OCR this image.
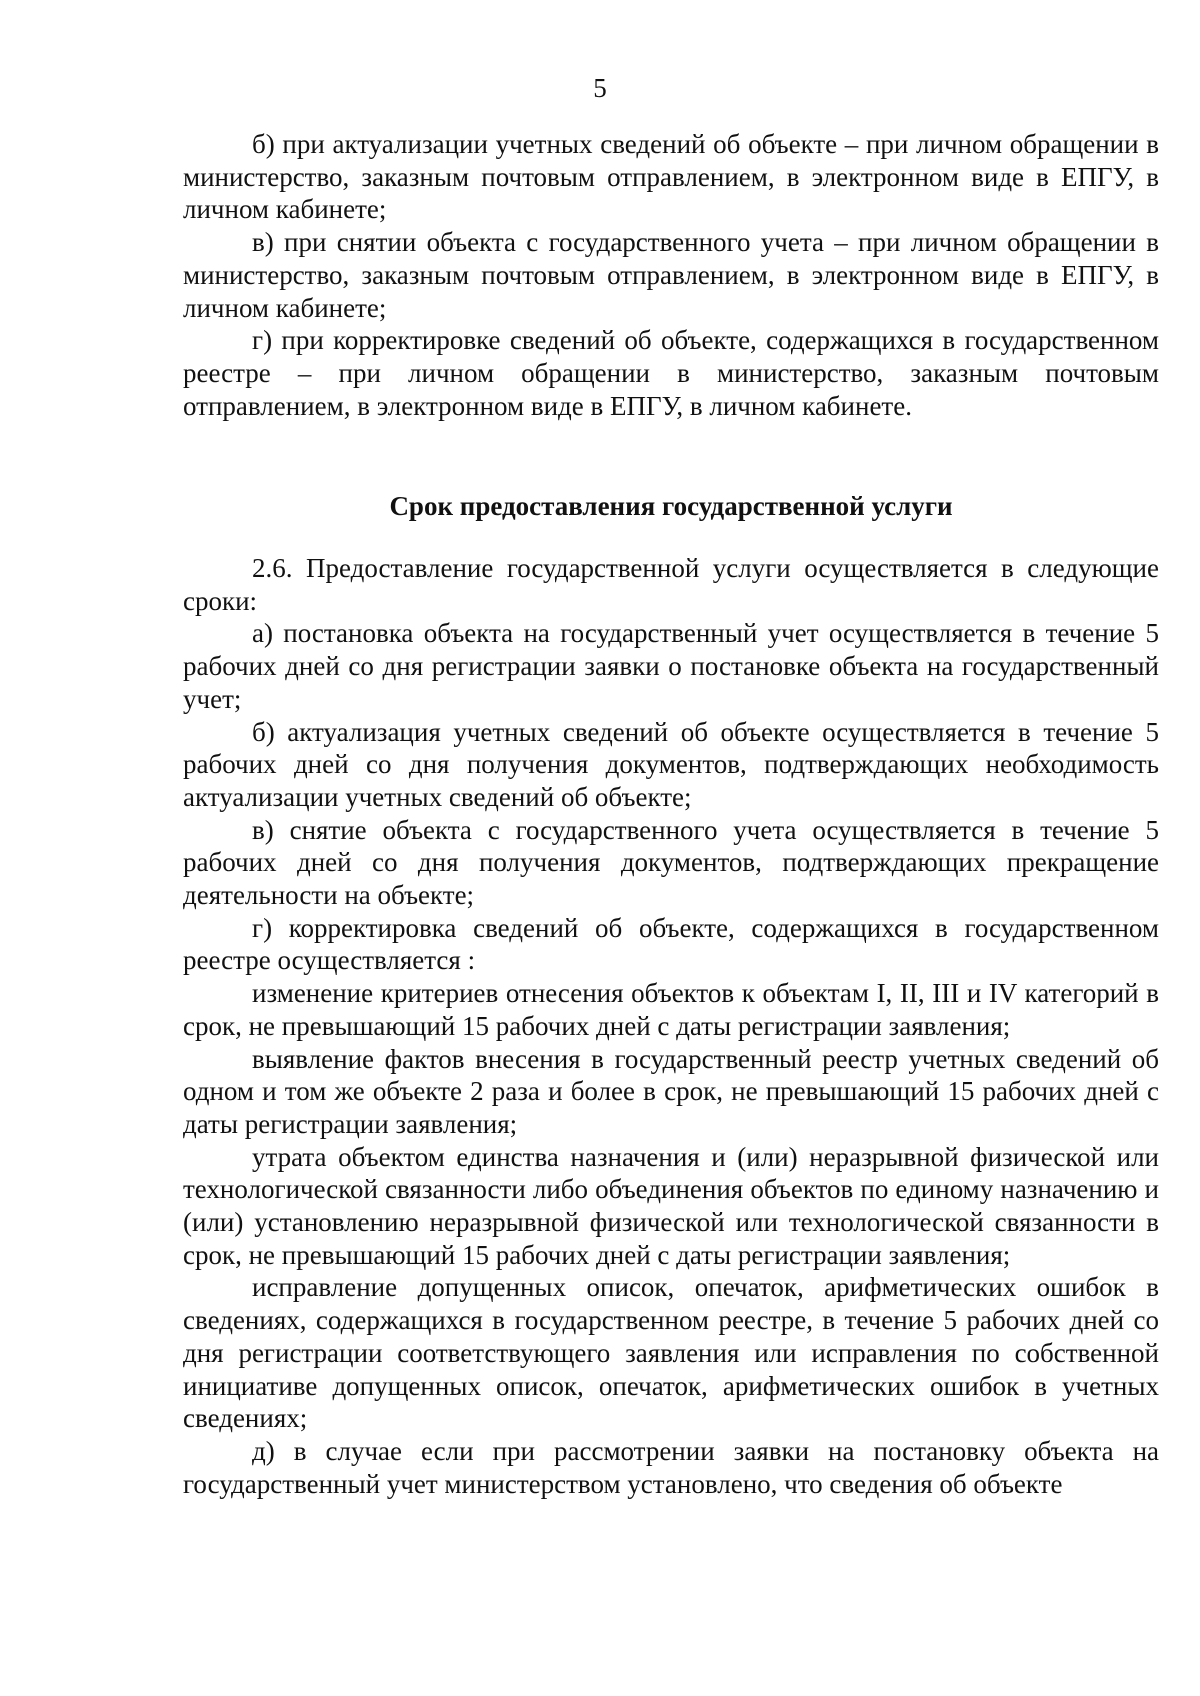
5

б) при актуализации учетных сведений об объекте – при личном обращении в министерство, заказным почтовым отправлением, в электронном виде в ЕПГУ, в личном кабинете;

в) при снятии объекта с государственного учета – при личном обращении в министерство, заказным почтовым отправлением, в электронном виде в ЕПГУ, в личном кабинете;

г) при корректировке сведений об объекте, содержащихся в государственном реестре – при личном обращении в министерство, заказным почтовым отправлением, в электронном виде в ЕПГУ, в личном кабинете.

Срок предоставления государственной услуги

2.6. Предоставление государственной услуги осуществляется в следующие сроки:

а) постановка объекта на государственный учет осуществляется в течение 5 рабочих дней со дня регистрации заявки о постановке объекта на государственный учет;

б) актуализация учетных сведений об объекте осуществляется в течение 5 рабочих дней со дня получения документов, подтверждающих необходимость актуализации учетных сведений об объекте;

в) снятие объекта с государственного учета осуществляется в течение 5 рабочих дней со дня получения документов, подтверждающих прекращение деятельности на объекте;

г) корректировка сведений об объекте, содержащихся в государственном реестре осуществляется :

изменение критериев отнесения объектов к объектам I, II, III и IV категорий в срок, не превышающий 15 рабочих дней с даты регистрации заявления;

выявление фактов внесения в государственный реестр учетных сведений об одном и том же объекте 2 раза и более в срок, не превышающий 15 рабочих дней с даты регистрации заявления;

утрата объектом единства назначения и (или) неразрывной физической или технологической связанности либо объединения объектов по единому назначению и (или) установлению неразрывной физической или технологической связанности в срок, не превышающий 15 рабочих дней с даты регистрации заявления;

исправление допущенных описок, опечаток, арифметических ошибок в сведениях, содержащихся в государственном реестре, в течение 5 рабочих дней со дня регистрации соответствующего заявления или исправления по собственной инициативе допущенных описок, опечаток, арифметических ошибок в учетных сведениях;

д) в случае если при рассмотрении заявки на постановку объекта на государственный учет министерством установлено, что сведения об объекте
